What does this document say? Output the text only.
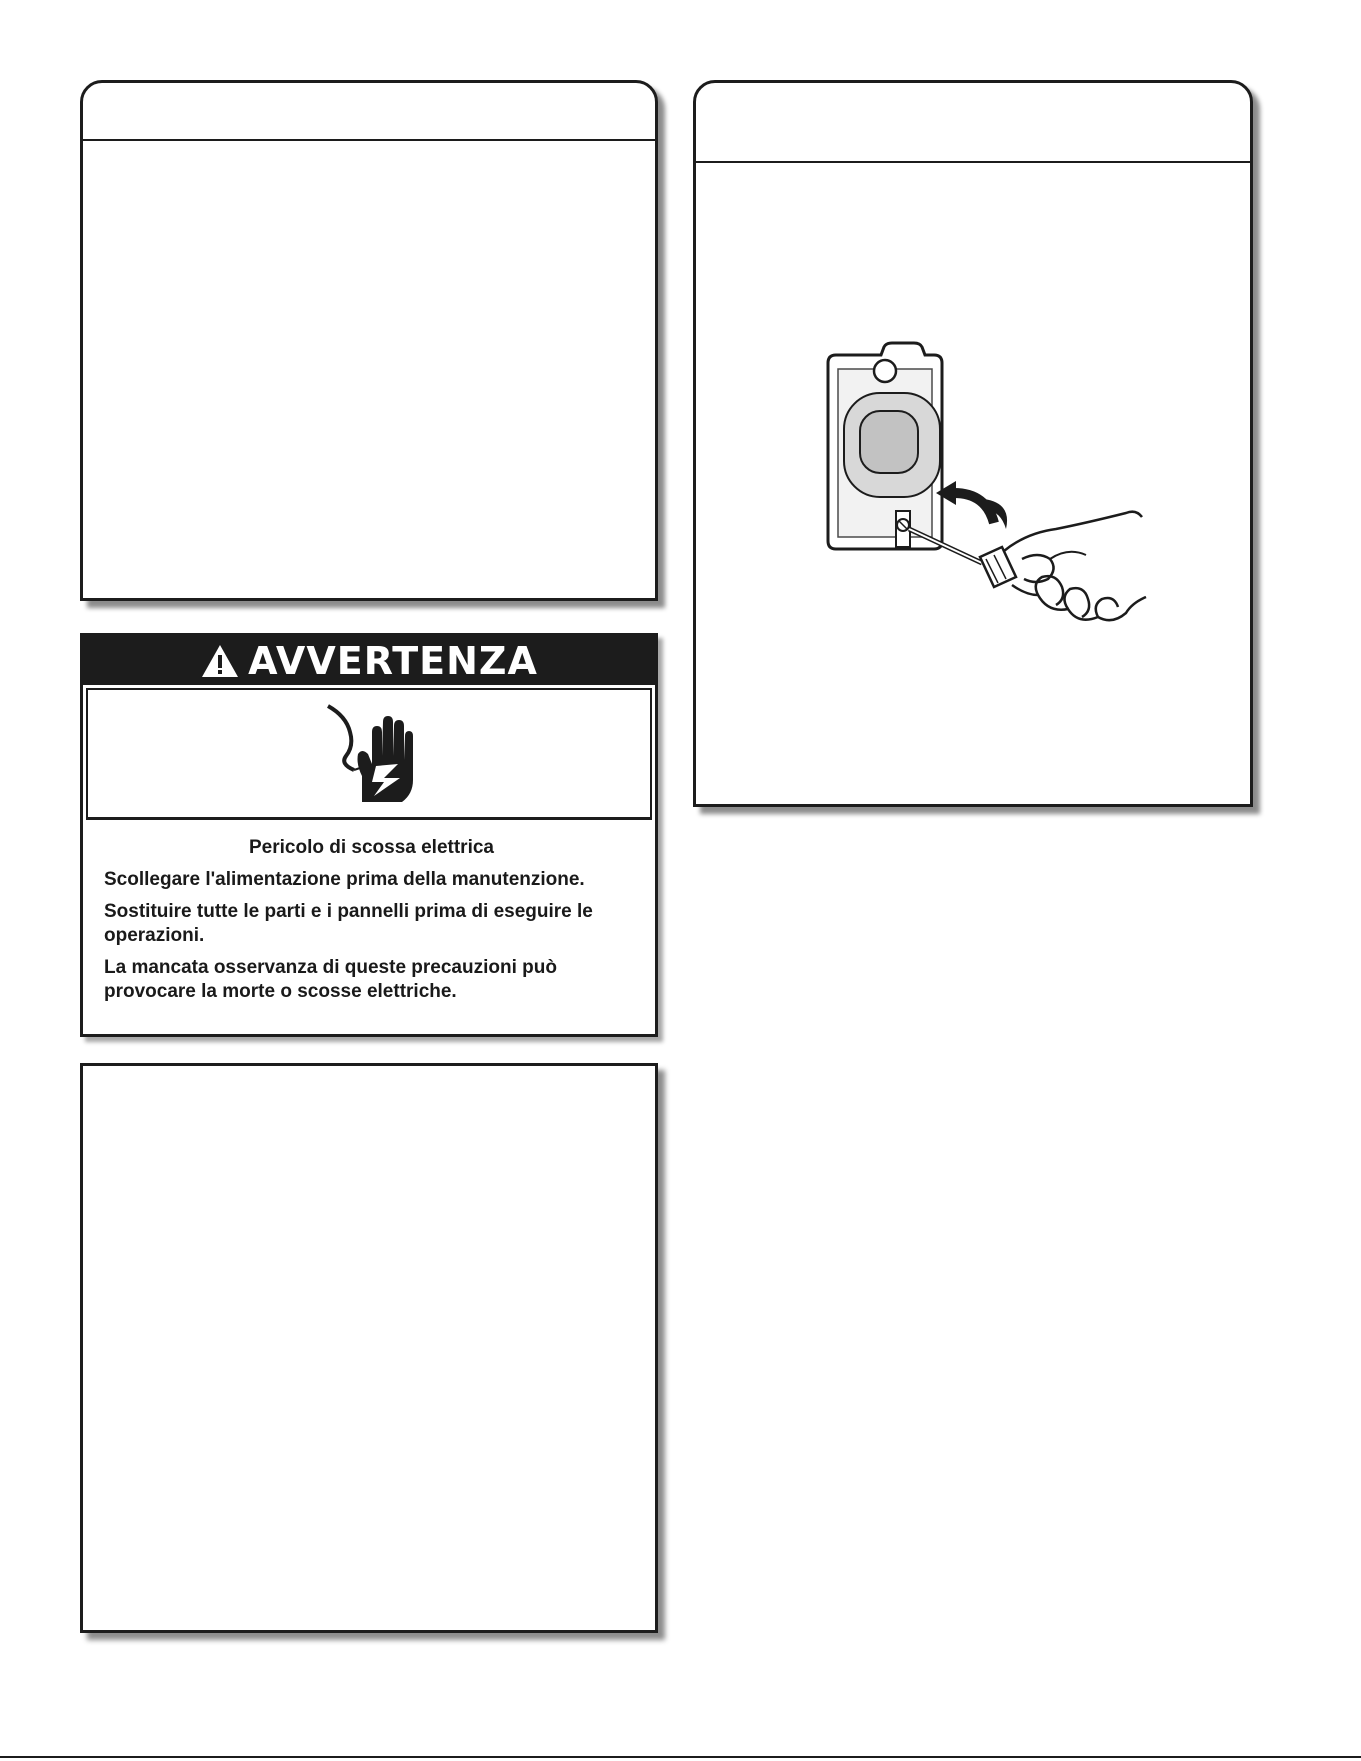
AVVERTENZA

Pericolo di scossa elettrica

Scollegare l'alimentazione prima della manutenzione.

Sostituire tutte le parti e i pannelli prima di eseguire le operazioni.

La mancata osservanza di queste precauzioni può provocare la morte o scosse elettriche.
